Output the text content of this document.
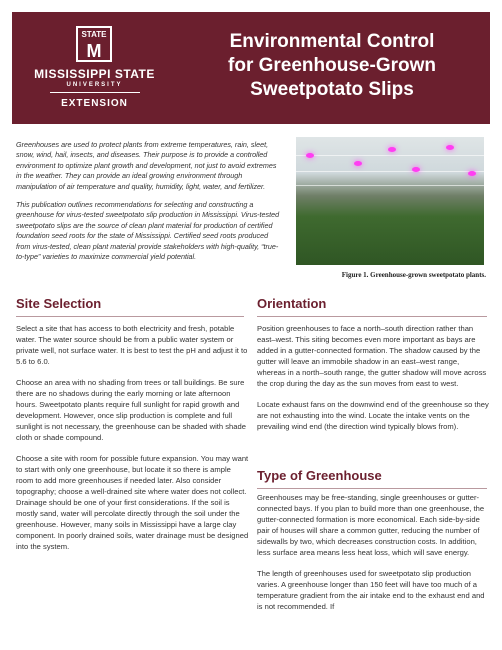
STATE
M
MISSISSIPPI STATE
UNIVERSITY
EXTENSION
Environmental Control
for Greenhouse-Grown
Sweetpotato Slips

Greenhouses are used to protect plants from extreme temperatures, rain, sleet, snow, wind, hail, insects, and diseases. Their purpose is to provide a controlled environment to optimize plant growth and development, not just to avoid extremes in the weather. They can provide an ideal growing environment through manipulation of air temperature and quality, humidity, light, water, and fertilizer.

This publication outlines recommendations for selecting and constructing a greenhouse for virus-tested sweetpotato slip production in Mississippi. Virus-tested sweetpotato slips are the source of clean plant material for production of certified foundation seed roots for the state of Mississippi. Certified seed roots produced from virus-tested, clean plant material provide stakeholders with high-quality, “true-to-type” varieties to maximize commercial yield potential.

Figure 1. Greenhouse-grown sweetpotato plants.
Site Selection

Select a site that has access to both electricity and fresh, potable water. The water source should be from a public water system or private well, not surface water. It is best to test the pH and adjust it to 5.6 to 6.0.

Choose an area with no shading from trees or tall buildings. Be sure there are no shadows during the early morning or late afternoon hours. Sweetpotato plants require full sunlight for rapid growth and development. However, once slip production is complete and full sunlight is not necessary, the greenhouse can be shaded with shade cloth or shade compound.

Choose a site with room for possible future expansion. You may want to start with only one greenhouse, but locate it so there is ample room to add more greenhouses if needed later. Also consider topography; choose a well-drained site where water does not collect. Drainage should be one of your first considerations. If the soil is mostly sand, water will percolate directly through the soil under the greenhouse. However, many soils in Mississippi have a large clay component. In poorly drained soils, water drainage must be designed into the system.

Orientation

Position greenhouses to face a north–south direction rather than east–west. This siting becomes even more important as bays are added in a gutter-connected formation. The shadow caused by the gutter will leave an immobile shadow in an east–west range, whereas in a north–south range, the gutter shadow will move across the crop during the day as the sun moves from east to west.

Locate exhaust fans on the downwind end of the greenhouse so they are not exhausting into the wind. Locate the intake vents on the prevailing wind end (the direction wind typically blows from).

Type of Greenhouse

Greenhouses may be free-standing, single greenhouses or gutter-connected bays. If you plan to build more than one greenhouse, the gutter-connected formation is more economical. Each side-by-side pair of houses will share a common gutter, reducing the number of sidewalls by two, which decreases construction costs. In addition, less surface area means less heat loss, which will save energy.

The length of greenhouses used for sweetpotato slip production varies. A greenhouse longer than 150 feet will have too much of a temperature gradient from the air intake end to the exhaust end and is not recommended. If
